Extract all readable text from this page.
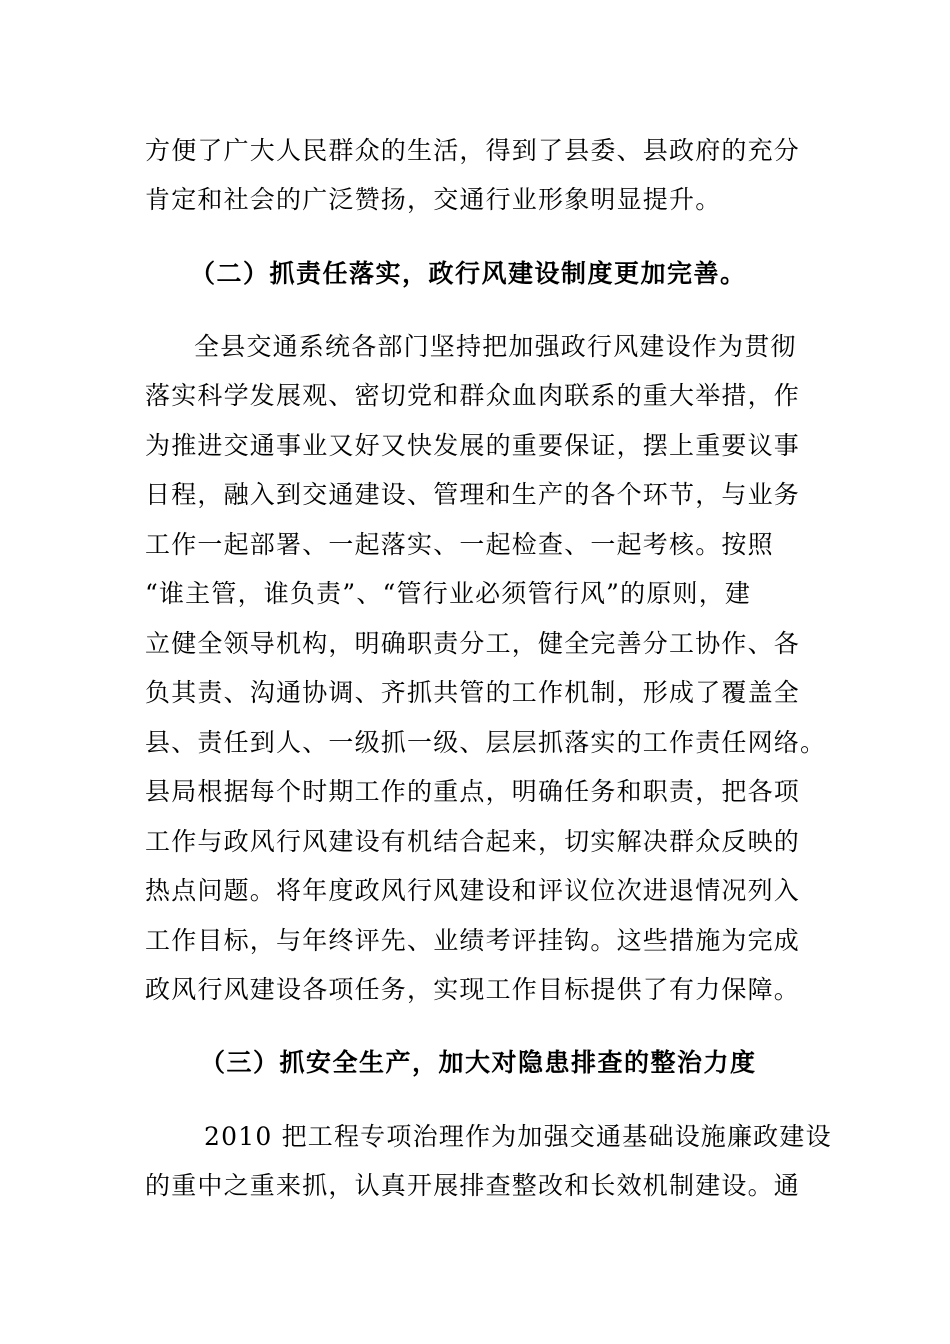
方便了广大人民群众的生活，得到了县委、县政府的充分
肯定和社会的广泛赞扬，交通行业形象明显提升。
（二）抓责任落实，政行风建设制度更加完善。
全县交通系统各部门坚持把加强政行风建设作为贯彻
落实科学发展观、密切党和群众血肉联系的重大举措，作
为推进交通事业又好又快发展的重要保证，摆上重要议事
日程，融入到交通建设、管理和生产的各个环节，与业务
工作一起部署、一起落实、一起检查、一起考核。按照
“谁主管，谁负责”、“管行业必须管行风”的原则，建
立健全领导机构，明确职责分工，健全完善分工协作、各
负其责、沟通协调、齐抓共管的工作机制，形成了覆盖全
县、责任到人、一级抓一级、层层抓落实的工作责任网络。
县局根据每个时期工作的重点，明确任务和职责，把各项
工作与政风行风建设有机结合起来，切实解决群众反映的
热点问题。将年度政风行风建设和评议位次进退情况列入
工作目标，与年终评先、业绩考评挂钩。这些措施为完成
政风行风建设各项任务，实现工作目标提供了有力保障。
（三）抓安全生产，加大对隐患排查的整治力度
2010 把工程专项治理作为加强交通基础设施廉政建设
的重中之重来抓，认真开展排查整改和长效机制建设。通
